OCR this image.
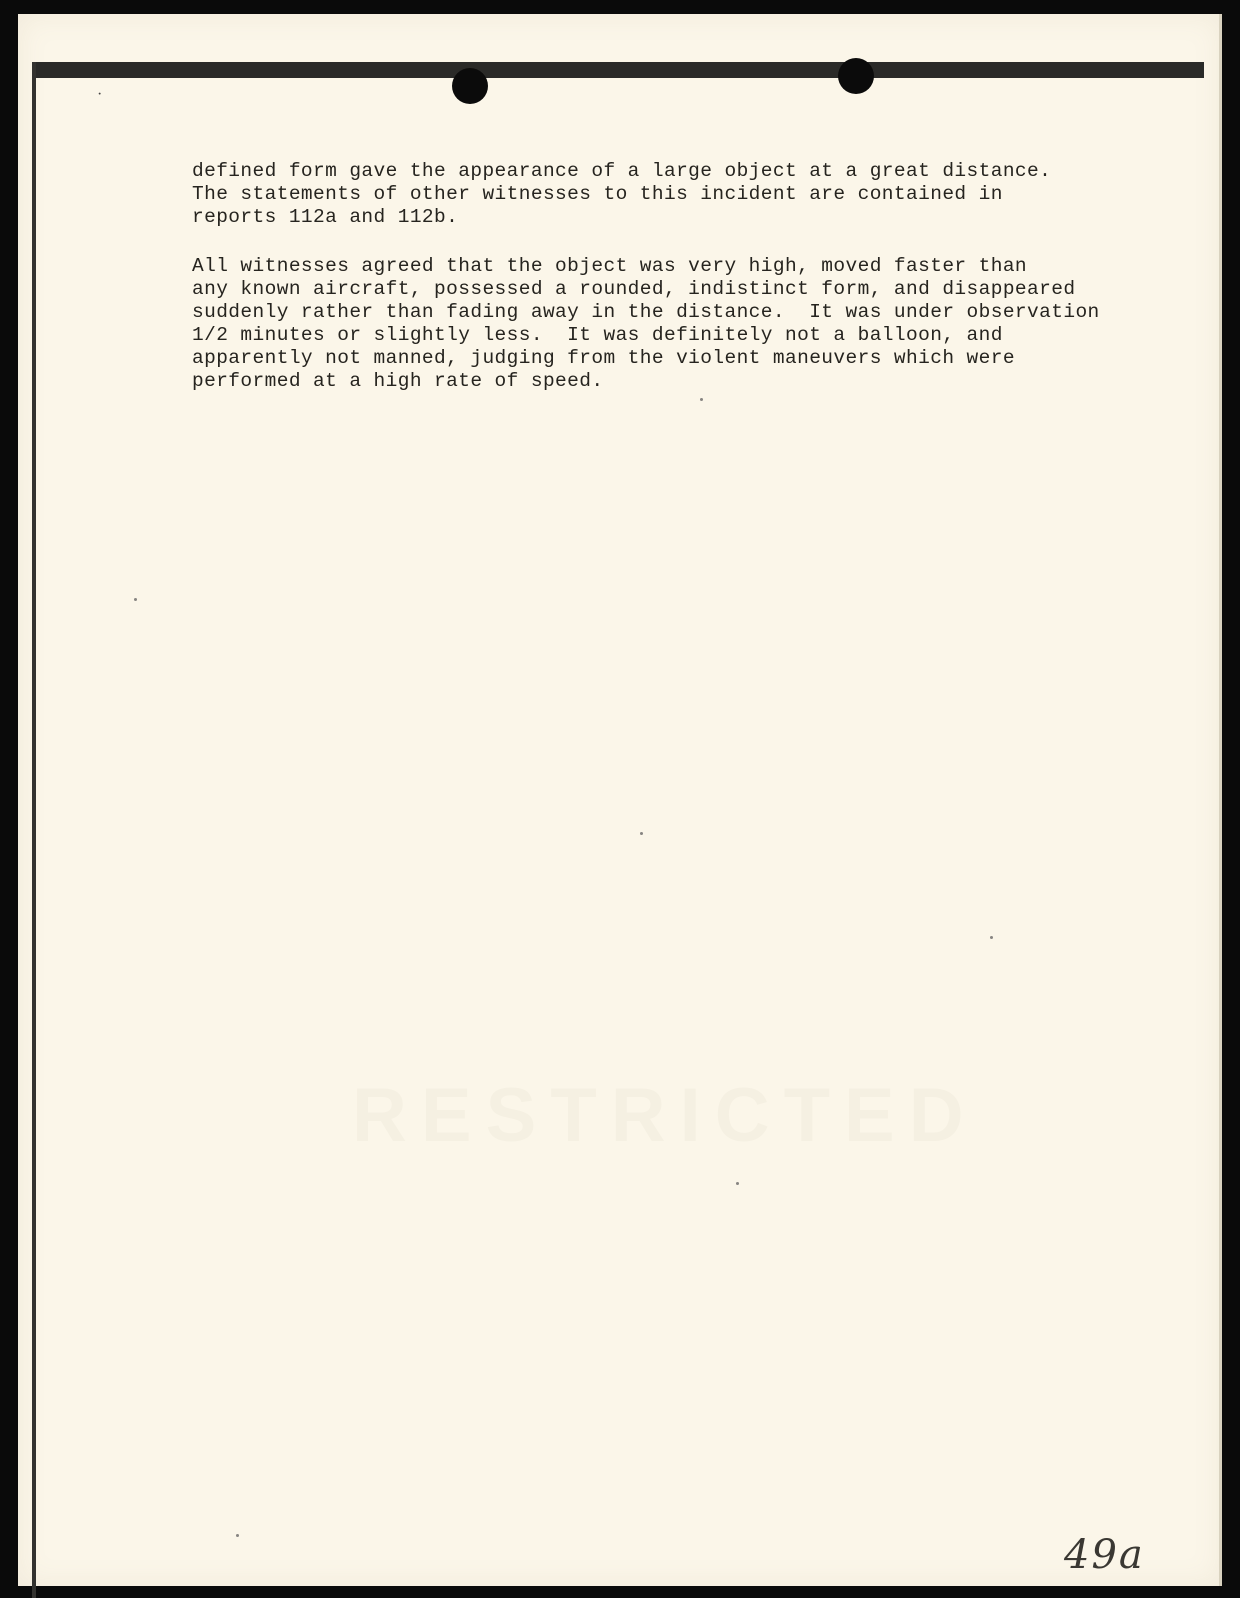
·
defined form gave the appearance of a large object at a great distance.
The statements of other witnesses to this incident are contained in
reports 112a and 112b.
All witnesses agreed that the object was very high, moved faster than
any known aircraft, possessed a rounded, indistinct form, and disappeared
suddenly rather than fading away in the distance.  It was under observation
1/2 minutes or slightly less.  It was definitely not a balloon, and
apparently not manned, judging from the violent maneuvers which were
performed at a high rate of speed.
49a
